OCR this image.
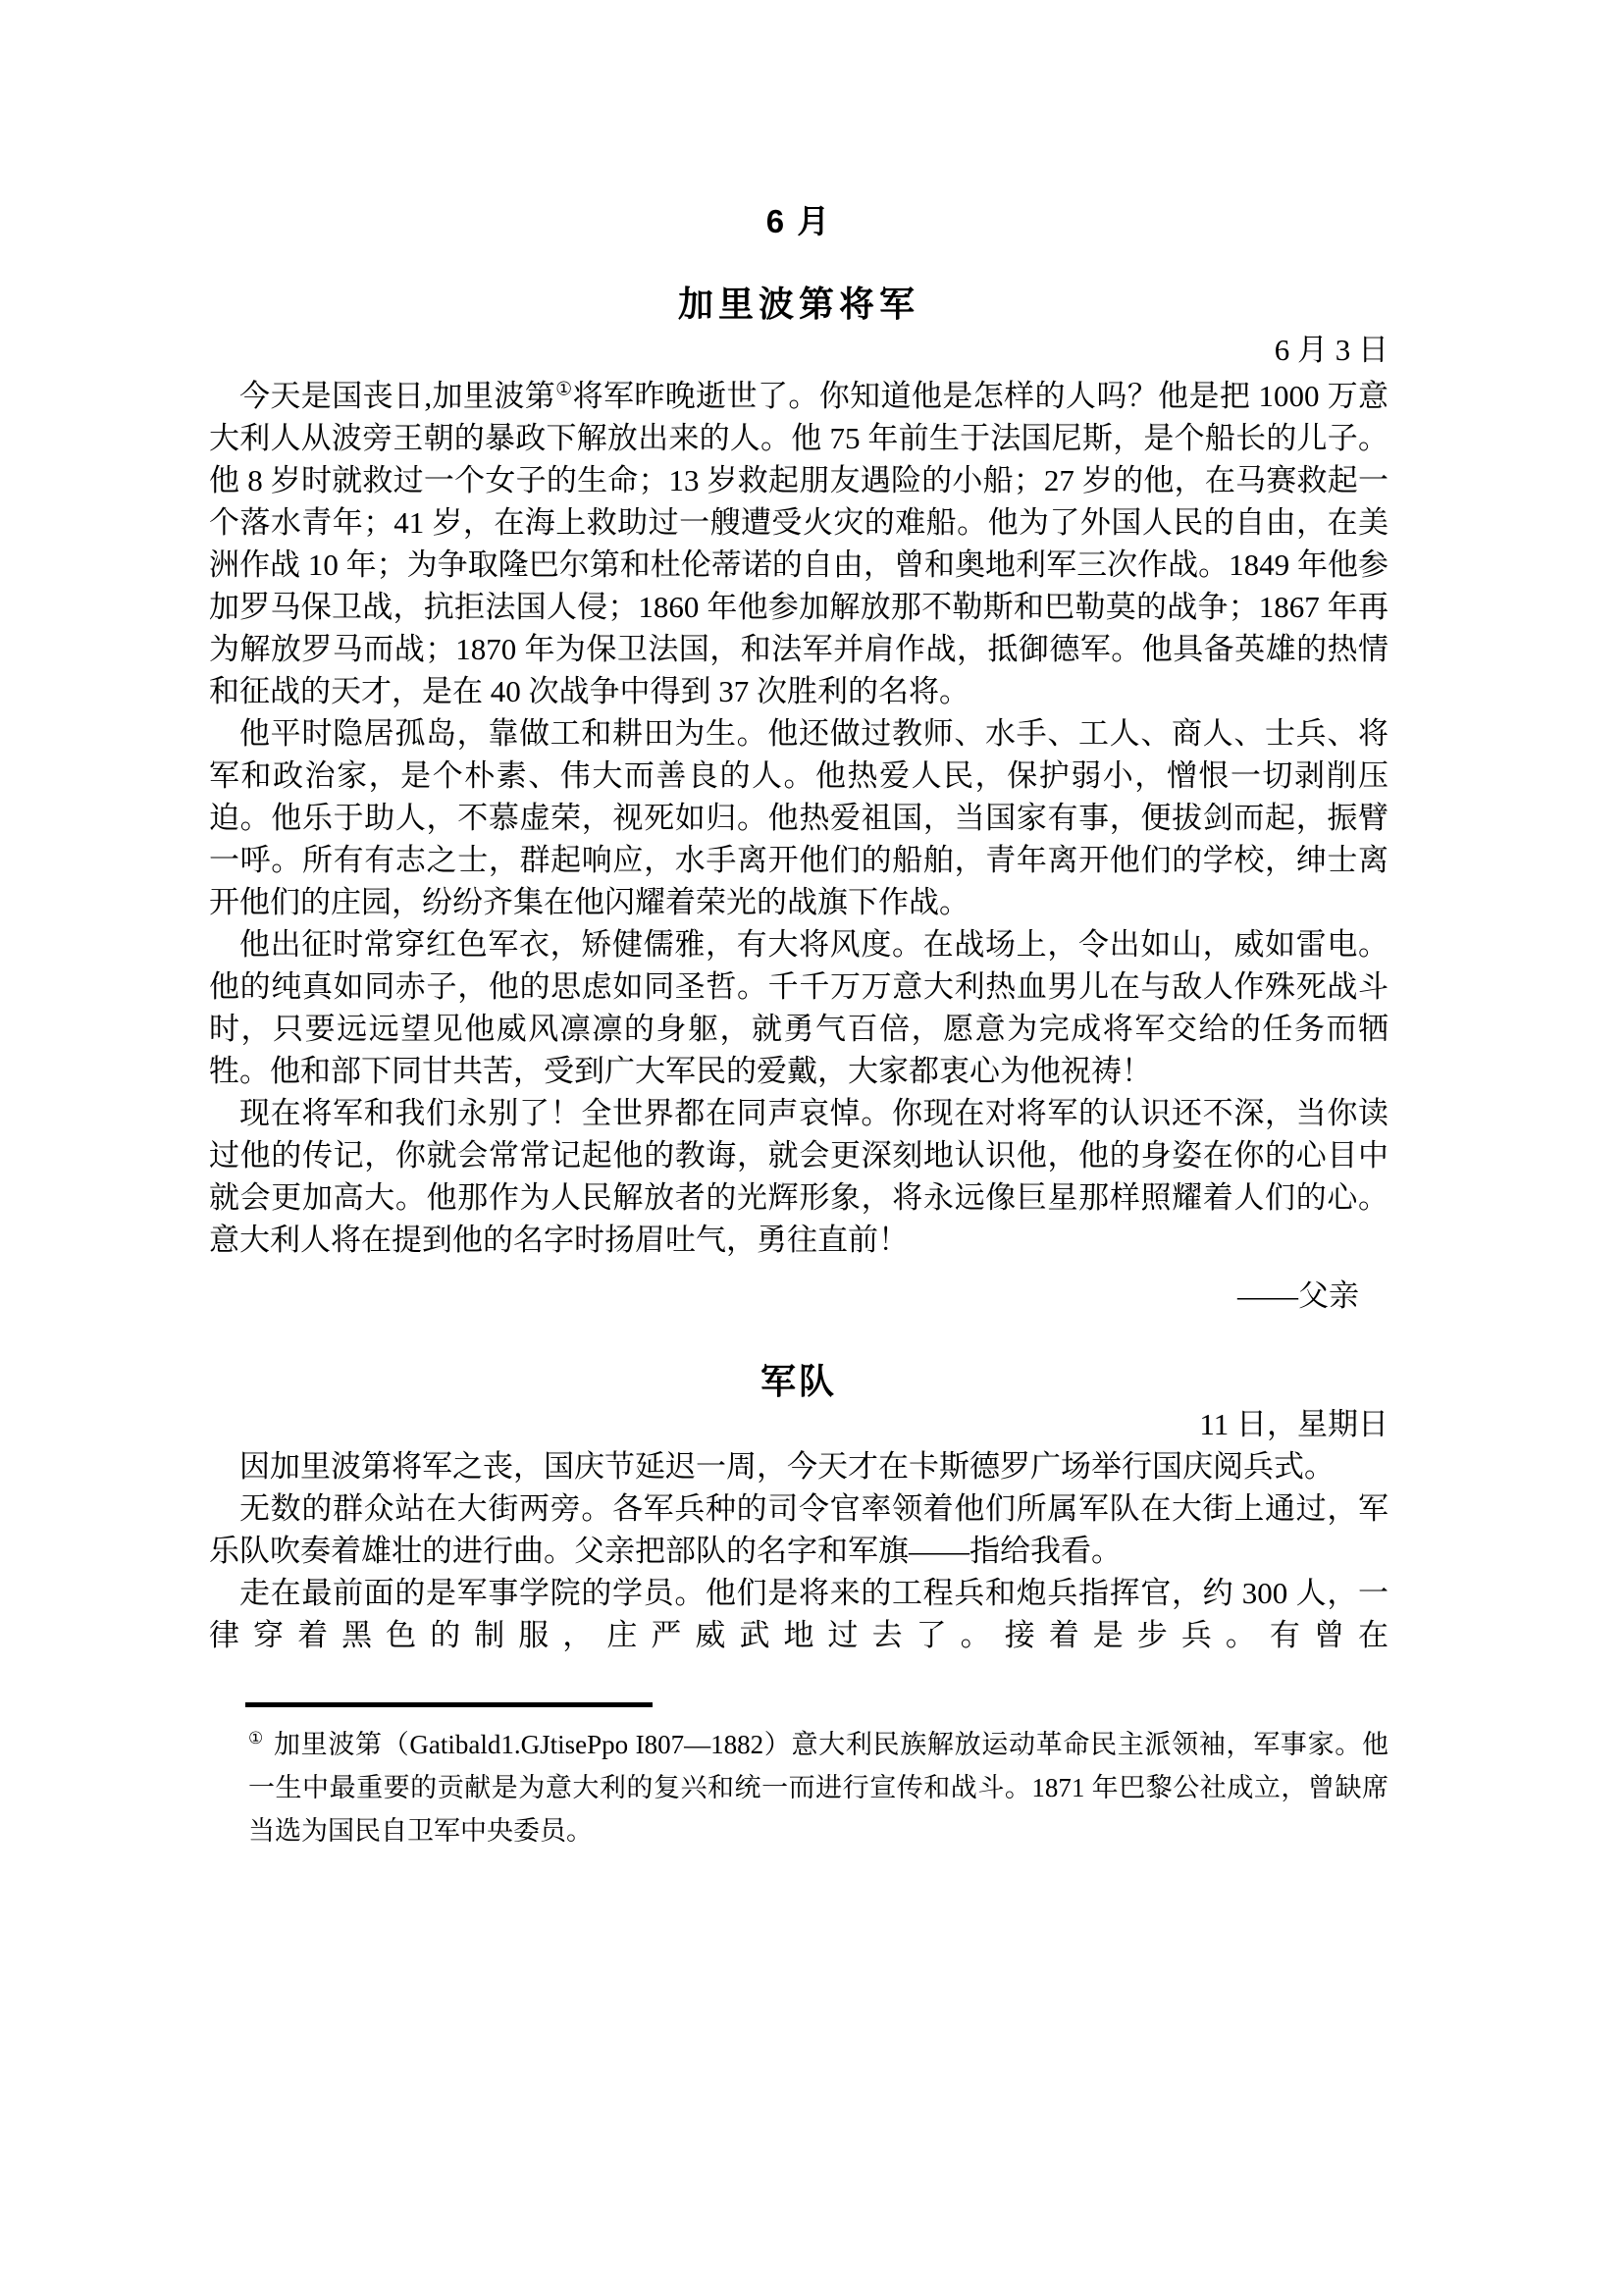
6 月
加里波第将军
6 月 3 日

今天是国丧日,加里波第①将军昨晚逝世了。你知道他是怎样的人吗？他是把 1000 万意大利人从波旁王朝的暴政下解放出来的人。他 75 年前生于法国尼斯，是个船长的儿子。他 8 岁时就救过一个女子的生命；13 岁救起朋友遇险的小船；27 岁的他，在马赛救起一个落水青年；41 岁，在海上救助过一艘遭受火灾的难船。他为了外国人民的自由，在美洲作战 10 年；为争取隆巴尔第和杜伦蒂诺的自由，曾和奥地利军三次作战。1849 年他参加罗马保卫战，抗拒法国人侵；1860 年他参加解放那不勒斯和巴勒莫的战争；1867 年再为解放罗马而战；1870 年为保卫法国，和法军并肩作战，抵御德军。他具备英雄的热情和征战的天才，是在 40 次战争中得到 37 次胜利的名将。

他平时隐居孤岛，靠做工和耕田为生。他还做过教师、水手、工人、商人、士兵、将军和政治家，是个朴素、伟大而善良的人。他热爱人民，保护弱小，憎恨一切剥削压迫。他乐于助人，不慕虚荣，视死如归。他热爱祖国，当国家有事，便拔剑而起，振臂一呼。所有有志之士，群起响应，水手离开他们的船舶，青年离开他们的学校，绅士离开他们的庄园，纷纷齐集在他闪耀着荣光的战旗下作战。

他出征时常穿红色军衣，矫健儒雅，有大将风度。在战场上，令出如山，威如雷电。他的纯真如同赤子，他的思虑如同圣哲。千千万万意大利热血男儿在与敌人作殊死战斗时，只要远远望见他威风凛凛的身躯，就勇气百倍，愿意为完成将军交给的任务而牺牲。他和部下同甘共苦，受到广大军民的爱戴，大家都衷心为他祝祷！

现在将军和我们永别了！全世界都在同声哀悼。你现在对将军的认识还不深，当你读过他的传记，你就会常常记起他的教诲，就会更深刻地认识他，他的身姿在你的心目中就会更加高大。他那作为人民解放者的光辉形象，将永远像巨星那样照耀着人们的心。意大利人将在提到他的名字时扬眉吐气，勇往直前！

——父亲
军队
11 日，星期日

因加里波第将军之丧，国庆节延迟一周，今天才在卡斯德罗广场举行国庆阅兵式。

无数的群众站在大街两旁。各军兵种的司令官率领着他们所属军队在大街上通过，军乐队吹奏着雄壮的进行曲。父亲把部队的名字和军旗——指给我看。

走在最前面的是军事学院的学员。他们是将来的工程兵和炮兵指挥官，约 300 人，一律穿着黑色的制服，庄严威武地过去了。接着是步兵。有曾在

① 加里波第（Gatibald1.GJtisePpo I807—1882）意大利民族解放运动革命民主派领袖，军事家。他一生中最重要的贡献是为意大利的复兴和统一而进行宣传和战斗。1871 年巴黎公社成立，曾缺席当选为国民自卫军中央委员。
